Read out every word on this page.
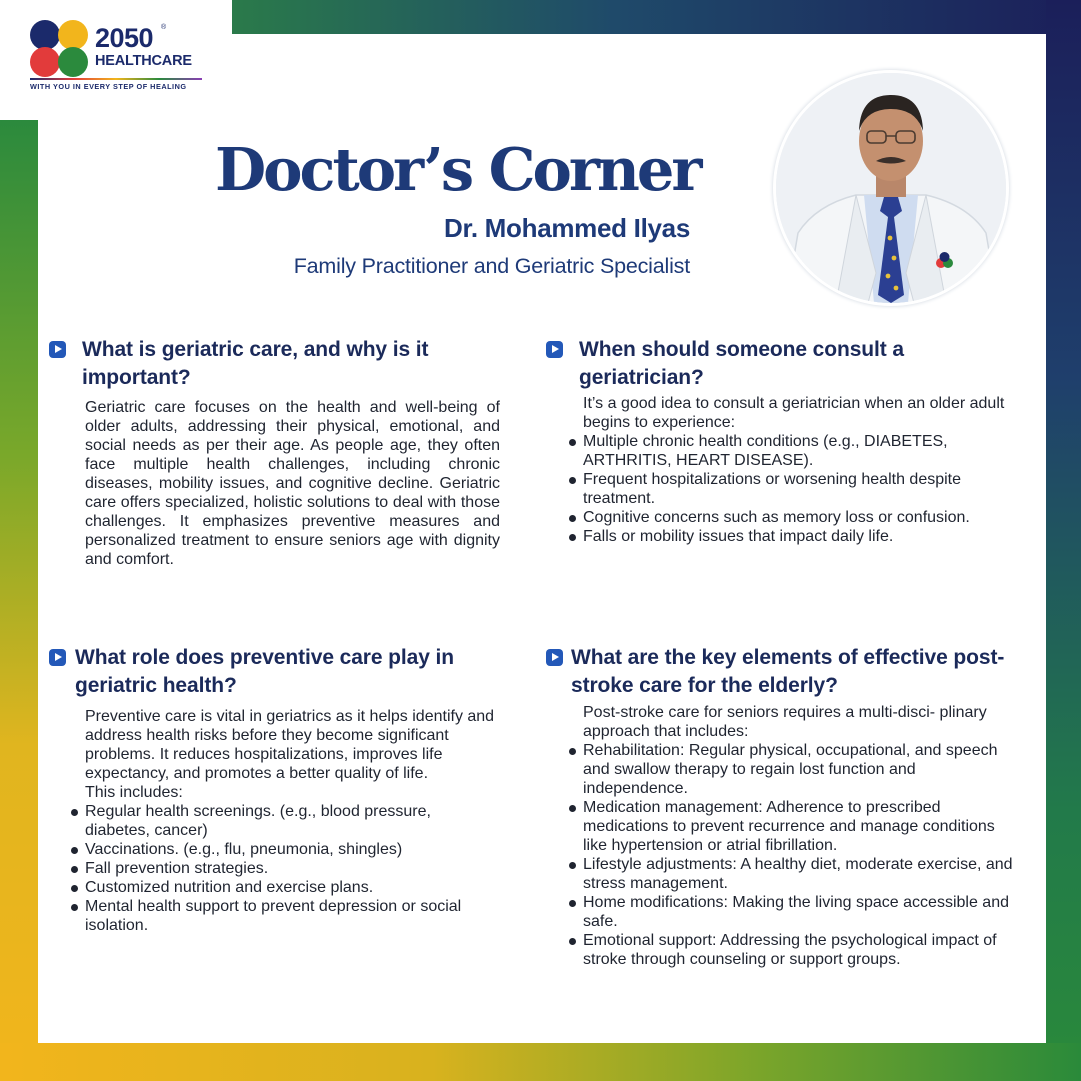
2050 ®
HEALTHCARE
WITH YOU IN EVERY STEP OF HEALING
Doctor’s Corner
Dr. Mohammed Ilyas
Family Practitioner and Geriatric Specialist
What is geriatric care, and why is it important?
Geriatric care focuses on the health and well-being of older adults, addressing their physical, emotional, and social needs as per their age. As people age, they often face multiple health challenges, including chronic diseases, mobility issues, and cognitive decline. Geriatric care offers specialized, holistic solutions to deal with those challenges. It emphasizes preventive measures and personalized treatment to ensure seniors age with dignity and comfort.
When should someone consult a geriatrician?

It’s a good idea to consult a geriatrician when an older adult begins to experience:

Multiple chronic health conditions (e.g., DIABETES, ARTHRITIS, HEART DISEASE).
Frequent hospitalizations or worsening health despite treatment.
Cognitive concerns such as memory loss or confusion.
Falls or mobility issues that impact daily life.
What role does preventive care play in geriatric health?

Preventive care is vital in geriatrics as it helps identify and address health risks before they become significant problems. It reduces hospitalizations, improves life expectancy, and promotes a better quality of life.

This includes:

Regular health screenings. (e.g., blood pressure, diabetes, cancer)
Vaccinations. (e.g., flu, pneumonia, shingles)
Fall prevention strategies.
Customized nutrition and exercise plans.
Mental health support to prevent depression or social isolation.
What are the key elements of effective post-stroke care for the elderly?

Post-stroke care for seniors requires a multi-disci- plinary approach that includes:

Rehabilitation: Regular physical, occupational, and speech and swallow therapy to regain lost function and independence.
Medication management: Adherence to prescribed medications to prevent recurrence and manage conditions like hypertension or atrial fibrillation.
Lifestyle adjustments: A healthy diet, moderate exercise, and stress management.
Home modifications: Making the living space accessible and safe.
Emotional support: Addressing the psychological impact of stroke through counseling or support groups.
